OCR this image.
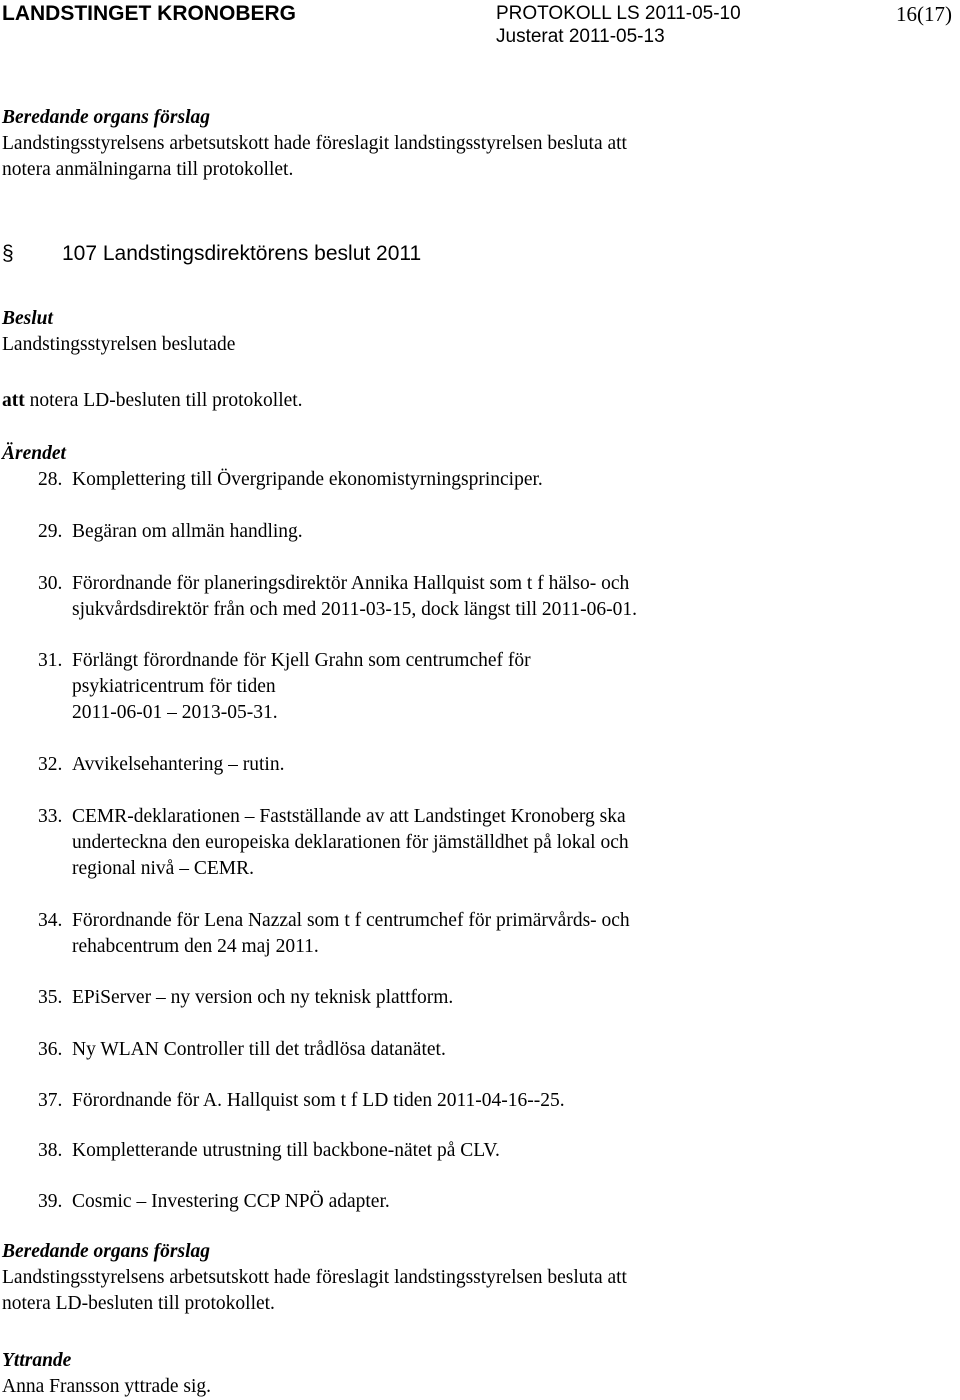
LANDSTINGET KRONOBERG	PROTOKOLL LS 2011-05-10
Justerat 2011-05-13
16(17)
Beredande organs förslag
Landstingsstyrelsens arbetsutskott hade föreslagit landstingsstyrelsen besluta att
notera anmälningarna till protokollet.
§ 107 Landstingsdirektörens beslut 2011
Beslut
Landstingsstyrelsen beslutade
att notera LD-besluten till protokollet.
Ärendet
28. Komplettering till Övergripande ekonomistyrningsprinciper.
29. Begäran om allmän handling.
30. Förordnande för planeringsdirektör Annika Hallquist som t f hälso- och
sjukvårdsdirektör från och med 2011-03-15, dock längst till 2011-06-01.
31. Förlängt förordnande för Kjell Grahn som centrumchef för
psykiatricentrum för tiden
2011-06-01 – 2013-05-31.
32. Avvikelsehantering – rutin.
33. CEMR-deklarationen – Fastställande av att Landstinget Kronoberg ska
underteckna den europeiska deklarationen för jämställdhet på lokal och
regional nivå – CEMR.
34. Förordnande för Lena Nazzal som t f centrumchef för primärvårds- och
rehabcentrum den 24 maj 2011.
35. EPiServer – ny version och ny teknisk plattform.
36. Ny WLAN Controller till det trådlösa datanätet.
37. Förordnande för A. Hallquist som t f LD tiden 2011-04-16--25.
38. Kompletterande utrustning till backbone-nätet på CLV.
39. Cosmic – Investering CCP NPÖ adapter.
Beredande organs förslag
Landstingsstyrelsens arbetsutskott hade föreslagit landstingsstyrelsen besluta att
notera LD-besluten till protokollet.
Yttrande
Anna Fransson yttrade sig.
